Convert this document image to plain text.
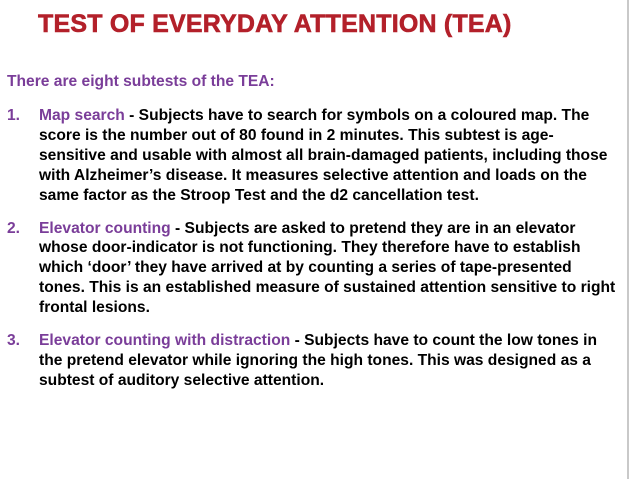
TEST OF EVERYDAY ATTENTION (TEA)

There are eight subtests of the TEA:

1.	Map search - Subjects have to search for symbols on a coloured map. The score is the number out of 80 found in 2 minutes. This subtest is age-sensitive and usable with almost all brain-damaged patients, including those with Alzheimer’s disease. It measures selective attention and loads on the same factor as the Stroop Test and the d2 cancellation test.
2.	Elevator counting - Subjects are asked to pretend they are in an elevator whose door-indicator is not functioning. They therefore have to establish which ‘door’ they have arrived at by counting a series of tape-presented tones. This is an established measure of sustained attention sensitive to right frontal lesions.
3.	Elevator counting with distraction - Subjects have to count the low tones in the pretend elevator while ignoring the high tones. This was designed as a subtest of auditory selective attention.
